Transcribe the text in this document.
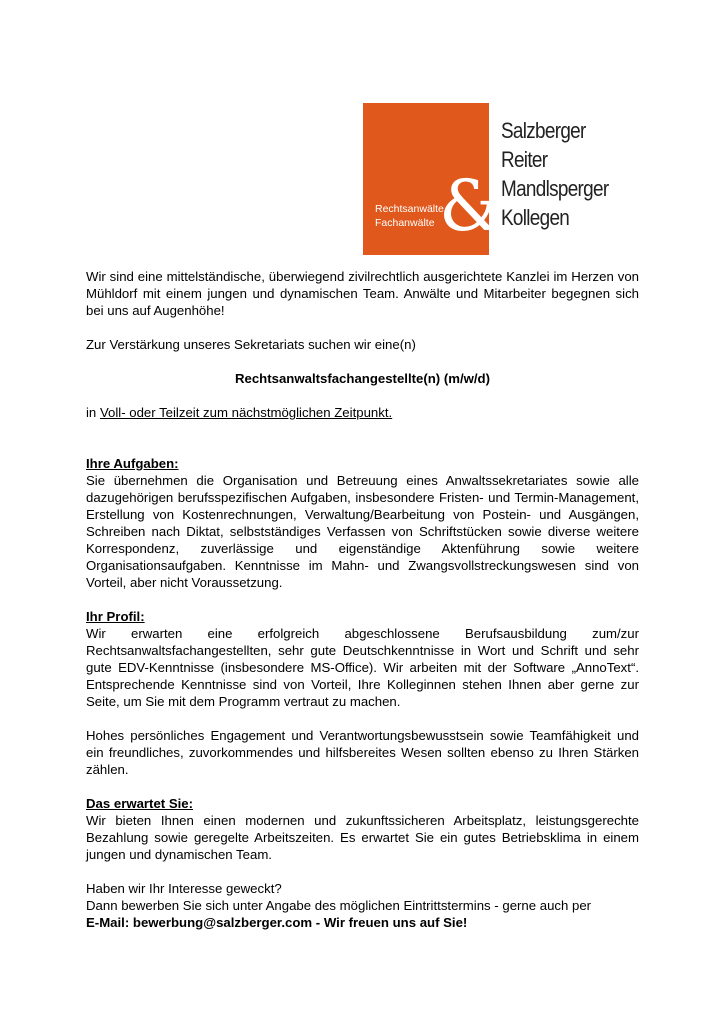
&
Rechtsanwälte
Fachanwälte
Salzberger
Reiter
Mandlsperger
Kollegen

Wir sind eine mittelständische, überwiegend zivilrechtlich ausgerichtete Kanzlei im Herzen von Mühldorf mit einem jungen und dynamischen Team. Anwälte und Mitarbeiter begegnen sich bei uns auf Augenhöhe!

Zur Verstärkung unseres Sekretariats suchen wir eine(n)

Rechtsanwaltsfachangestellte(n) (m/w/d)

in Voll- oder Teilzeit zum nächstmöglichen Zeitpunkt.

Ihre Aufgaben:

Sie übernehmen die Organisation und Betreuung eines Anwaltssekretariates sowie alle dazugehörigen berufsspezifischen Aufgaben, insbesondere Fristen- und Termin-Management, Erstellung von Kostenrechnungen, Verwaltung/Bearbeitung von Postein- und Ausgängen, Schreiben nach Diktat, selbstständiges Verfassen von Schriftstücken sowie diverse weitere Korrespondenz, zuverlässige und eigenständige Aktenführung sowie weitere Organisationsaufgaben. Kenntnisse im Mahn- und Zwangsvollstreckungswesen sind von Vorteil, aber nicht Voraussetzung.

Ihr Profil:

Wir erwarten eine erfolgreich abgeschlossene Berufsausbildung zum/zur Rechtsanwaltsfachangestellten, sehr gute Deutschkenntnisse in Wort und Schrift und sehr gute EDV-Kenntnisse (insbesondere MS-Office). Wir arbeiten mit der Software „AnnoText“. Entsprechende Kenntnisse sind von Vorteil, Ihre Kolleginnen stehen Ihnen aber gerne zur Seite, um Sie mit dem Programm vertraut zu machen.

Hohes persönliches Engagement und Verantwortungsbewusstsein sowie Teamfähigkeit und ein freundliches, zuvorkommendes und hilfsbereites Wesen sollten ebenso zu Ihren Stärken zählen.

Das erwartet Sie:

Wir bieten Ihnen einen modernen und zukunftssicheren Arbeitsplatz, leistungsgerechte Bezahlung sowie geregelte Arbeitszeiten. Es erwartet Sie ein gutes Betriebsklima in einem jungen und dynamischen Team.

Haben wir Ihr Interesse geweckt?

Dann bewerben Sie sich unter Angabe des möglichen Eintrittstermins - gerne auch per

E-Mail: bewerbung@salzberger.com - Wir freuen uns auf Sie!
